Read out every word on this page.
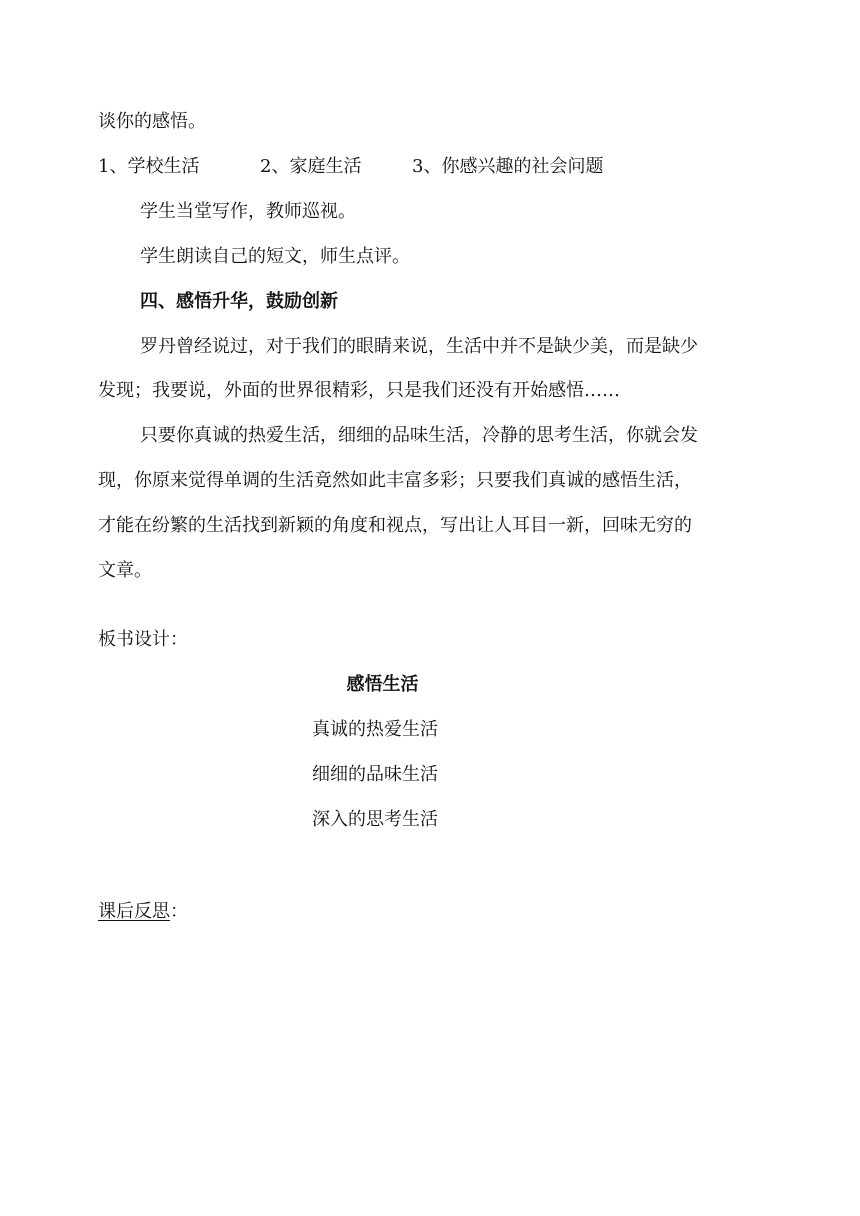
谈你的感悟。
1、学校生活	2、家庭生活	3、你感兴趣的社会问题
学生当堂写作，教师巡视。
学生朗读自己的短文，师生点评。
四、感悟升华，鼓励创新
罗丹曾经说过，对于我们的眼睛来说，生活中并不是缺少美，而是缺少
发现；我要说，外面的世界很精彩，只是我们还没有开始感悟……
只要你真诚的热爱生活，细细的品味生活，冷静的思考生活，你就会发
现，你原来觉得单调的生活竟然如此丰富多彩；只要我们真诚的感悟生活，
才能在纷繁的生活找到新颖的角度和视点，写出让人耳目一新，回味无穷的
文章。
板书设计：
感悟生活
真诚的热爱生活
细细的品味生活
深入的思考生活
课后反思：
